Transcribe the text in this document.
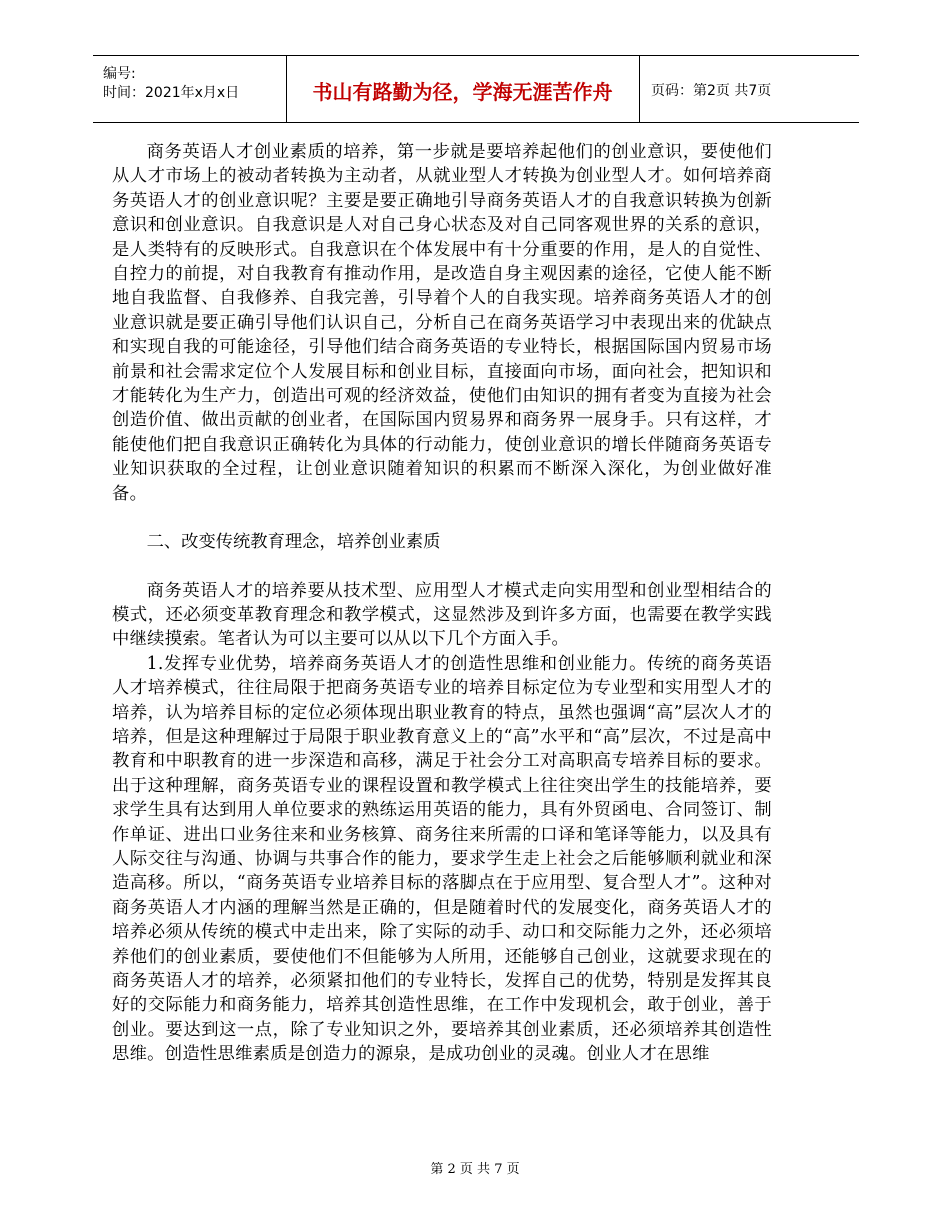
编号:
时间：2021年x月x日	书山有路勤为径，学海无涯苦作舟	页码：第2页 共7页

商务英语人才创业素质的培养，第一步就是要培养起他们的创业意识，要使他们从人才市场上的被动者转换为主动者，从就业型人才转换为创业型人才。如何培养商务英语人才的创业意识呢？主要是要正确地引导商务英语人才的自我意识转换为创新意识和创业意识。自我意识是人对自己身心状态及对自己同客观世界的关系的意识，是人类特有的反映形式。自我意识在个体发展中有十分重要的作用，是人的自觉性、自控力的前提，对自我教育有推动作用，是改造自身主观因素的途径，它使人能不断地自我监督、自我修养、自我完善，引导着个人的自我实现。培养商务英语人才的创业意识就是要正确引导他们认识自己，分析自己在商务英语学习中表现出来的优缺点和实现自我的可能途径，引导他们结合商务英语的专业特长，根据国际国内贸易市场前景和社会需求定位个人发展目标和创业目标，直接面向市场，面向社会，把知识和才能转化为生产力，创造出可观的经济效益，使他们由知识的拥有者变为直接为社会创造价值、做出贡献的创业者，在国际国内贸易界和商务界一展身手。只有这样，才能使他们把自我意识正确转化为具体的行动能力，使创业意识的增长伴随商务英语专业知识获取的全过程，让创业意识随着知识的积累而不断深入深化，为创业做好准备。

二、改变传统教育理念，培养创业素质

商务英语人才的培养要从技术型、应用型人才模式走向实用型和创业型相结合的模式，还必须变革教育理念和教学模式，这显然涉及到许多方面，也需要在教学实践中继续摸索。笔者认为可以主要可以从以下几个方面入手。

1.发挥专业优势，培养商务英语人才的创造性思维和创业能力。传统的商务英语人才培养模式，往往局限于把商务英语专业的培养目标定位为专业型和实用型人才的培养，认为培养目标的定位必须体现出职业教育的特点，虽然也强调“高”层次人才的培养，但是这种理解过于局限于职业教育意义上的“高”水平和“高”层次，不过是高中教育和中职教育的进一步深造和高移，满足于社会分工对高职高专培养目标的要求。出于这种理解，商务英语专业的课程设置和教学模式上往往突出学生的技能培养，要求学生具有达到用人单位要求的熟练运用英语的能力，具有外贸函电、合同签订、制作单证、进出口业务往来和业务核算、商务往来所需的口译和笔译等能力，以及具有人际交往与沟通、协调与共事合作的能力，要求学生走上社会之后能够顺利就业和深造高移。所以，“商务英语专业培养目标的落脚点在于应用型、复合型人才”。这种对商务英语人才内涵的理解当然是正确的，但是随着时代的发展变化，商务英语人才的培养必须从传统的模式中走出来，除了实际的动手、动口和交际能力之外，还必须培养他们的创业素质，要使他们不但能够为人所用，还能够自己创业，这就要求现在的商务英语人才的培养，必须紧扣他们的专业特长，发挥自己的优势，特别是发挥其良好的交际能力和商务能力，培养其创造性思维，在工作中发现机会，敢于创业，善于创业。要达到这一点，除了专业知识之外，要培养其创业素质，还必须培养其创造性思维。创造性思维素质是创造力的源泉，是成功创业的灵魂。创业人才在思维

第 2 页 共 7 页
